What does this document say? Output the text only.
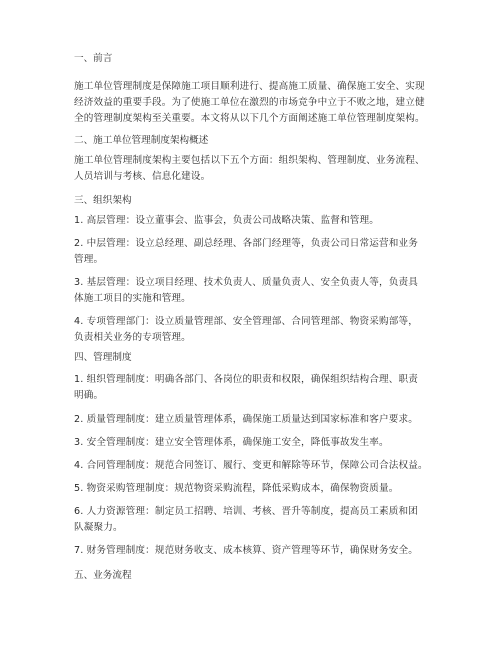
一、前言
施工单位管理制度是保障施工项目顺利进行、提高施工质量、确保施工安全、实现
经济效益的重要手段。为了使施工单位在激烈的市场竞争中立于不败之地，建立健
全的管理制度架构至关重要。本文将从以下几个方面阐述施工单位管理制度架构。
二、施工单位管理制度架构概述
施工单位管理制度架构主要包括以下五个方面：组织架构、管理制度、业务流程、
人员培训与考核、信息化建设。
三、组织架构
1. 高层管理：设立董事会、监事会，负责公司战略决策、监督和管理。
2. 中层管理：设立总经理、副总经理、各部门经理等，负责公司日常运营和业务
管理。
3. 基层管理：设立项目经理、技术负责人、质量负责人、安全负责人等，负责具
体施工项目的实施和管理。
4. 专项管理部门：设立质量管理部、安全管理部、合同管理部、物资采购部等，
负责相关业务的专项管理。
四、管理制度
1. 组织管理制度：明确各部门、各岗位的职责和权限，确保组织结构合理、职责
明确。
2. 质量管理制度：建立质量管理体系，确保施工质量达到国家标准和客户要求。
3. 安全管理制度：建立安全管理体系，确保施工安全，降低事故发生率。
4. 合同管理制度：规范合同签订、履行、变更和解除等环节，保障公司合法权益。
5. 物资采购管理制度：规范物资采购流程，降低采购成本，确保物资质量。
6. 人力资源管理：制定员工招聘、培训、考核、晋升等制度，提高员工素质和团
队凝聚力。
7. 财务管理制度：规范财务收支、成本核算、资产管理等环节，确保财务安全。
五、业务流程
